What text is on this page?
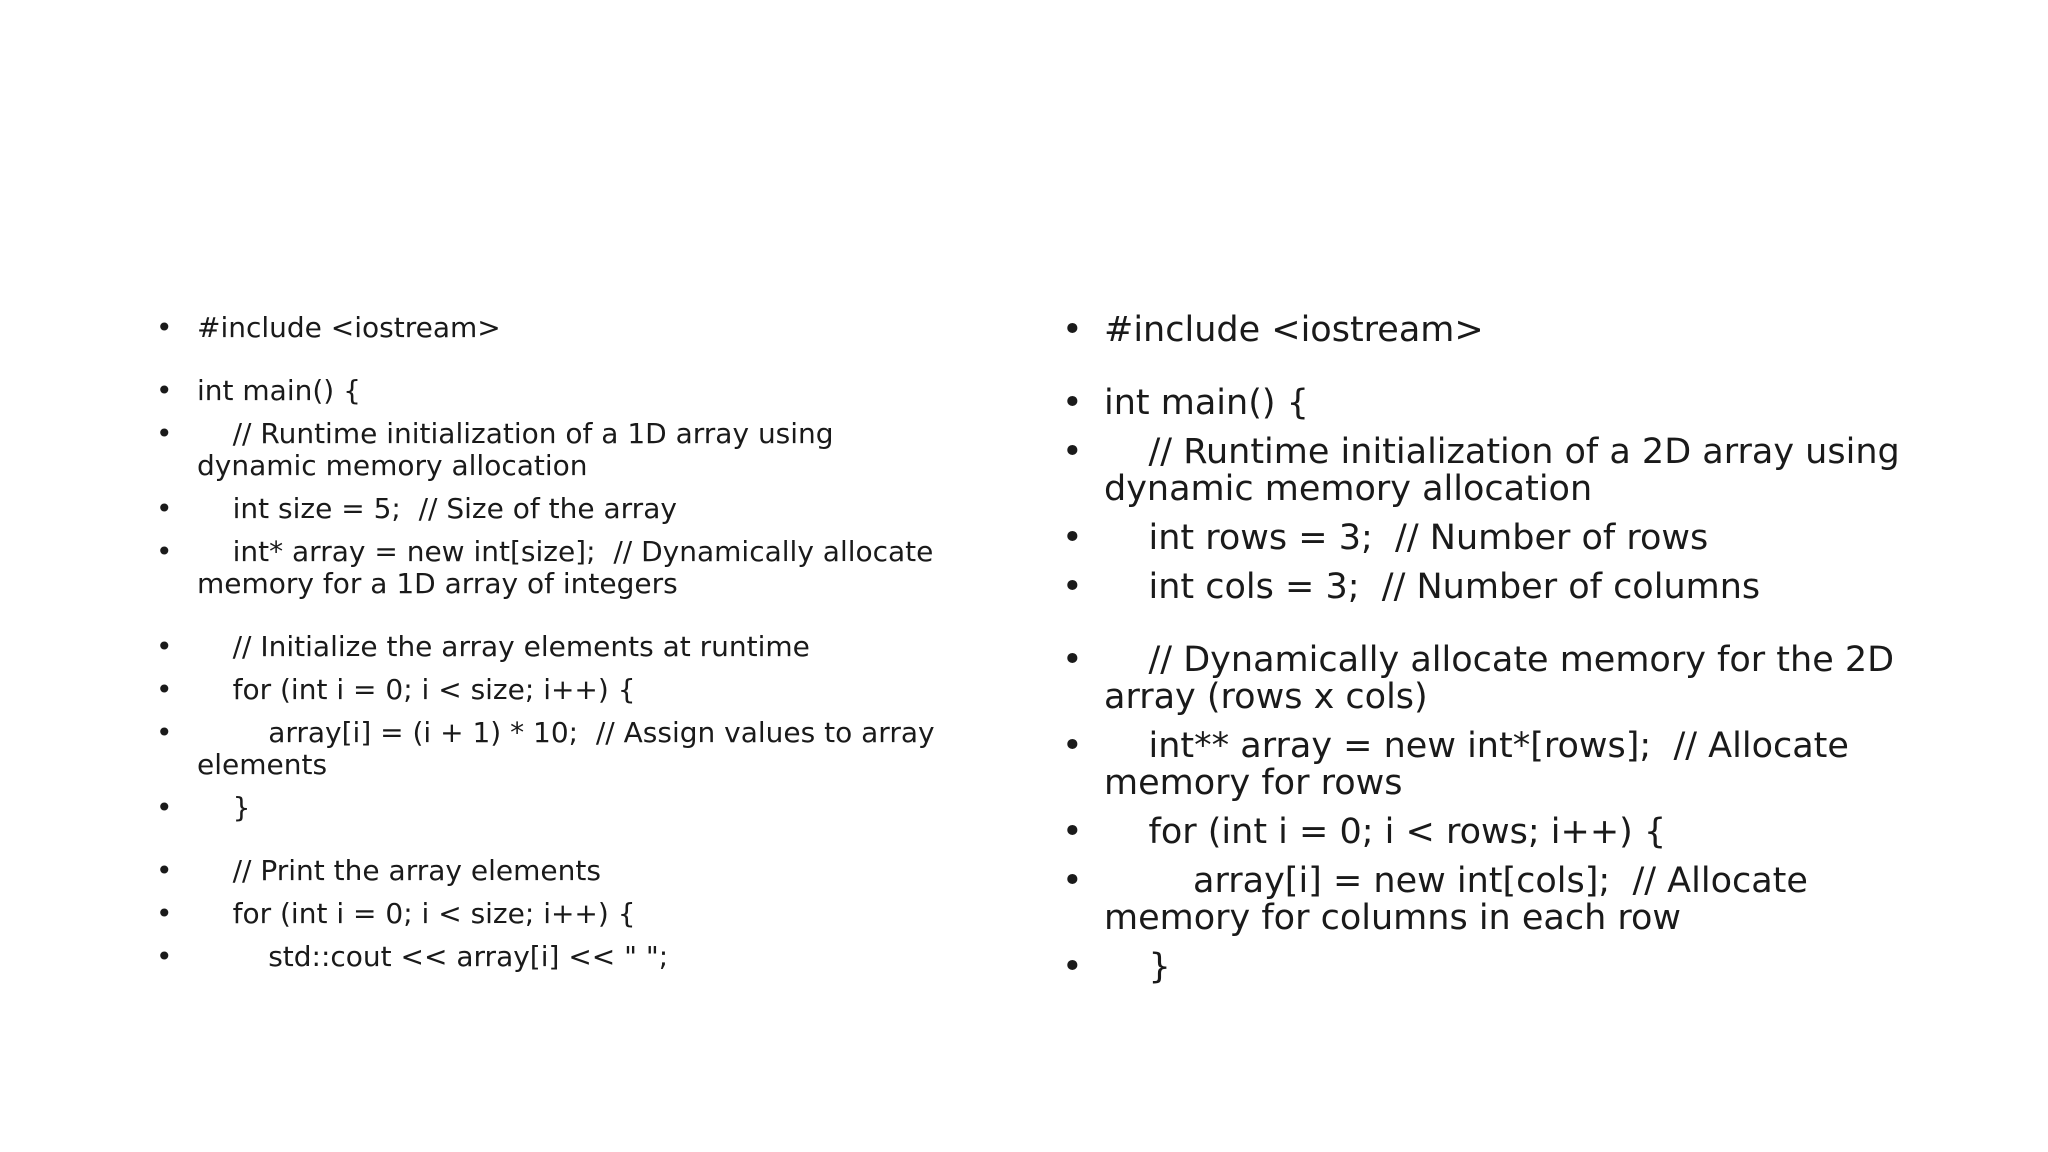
• #include <iostream>
• int main() {
•     // Runtime initialization of a 1D array using dynamic memory allocation
•     int size = 5;  // Size of the array
•     int* array = new int[size];  // Dynamically allocate memory for a 1D array of integers
•     // Initialize the array elements at runtime
•     for (int i = 0; i < size; i++) {
•         array[i] = (i + 1) * 10;  // Assign values to array elements
•     }
•     // Print the array elements
•     for (int i = 0; i < size; i++) {
•         std::cout << array[i] << " ";
• #include <iostream>
• int main() {
•     // Runtime initialization of a 2D array using dynamic memory allocation
•     int rows = 3;  // Number of rows
•     int cols = 3;  // Number of columns
•     // Dynamically allocate memory for the 2D array (rows x cols)
•     int** array = new int*[rows];  // Allocate memory for rows
•     for (int i = 0; i < rows; i++) {
•         array[i] = new int[cols];  // Allocate memory for columns in each row
•     }
